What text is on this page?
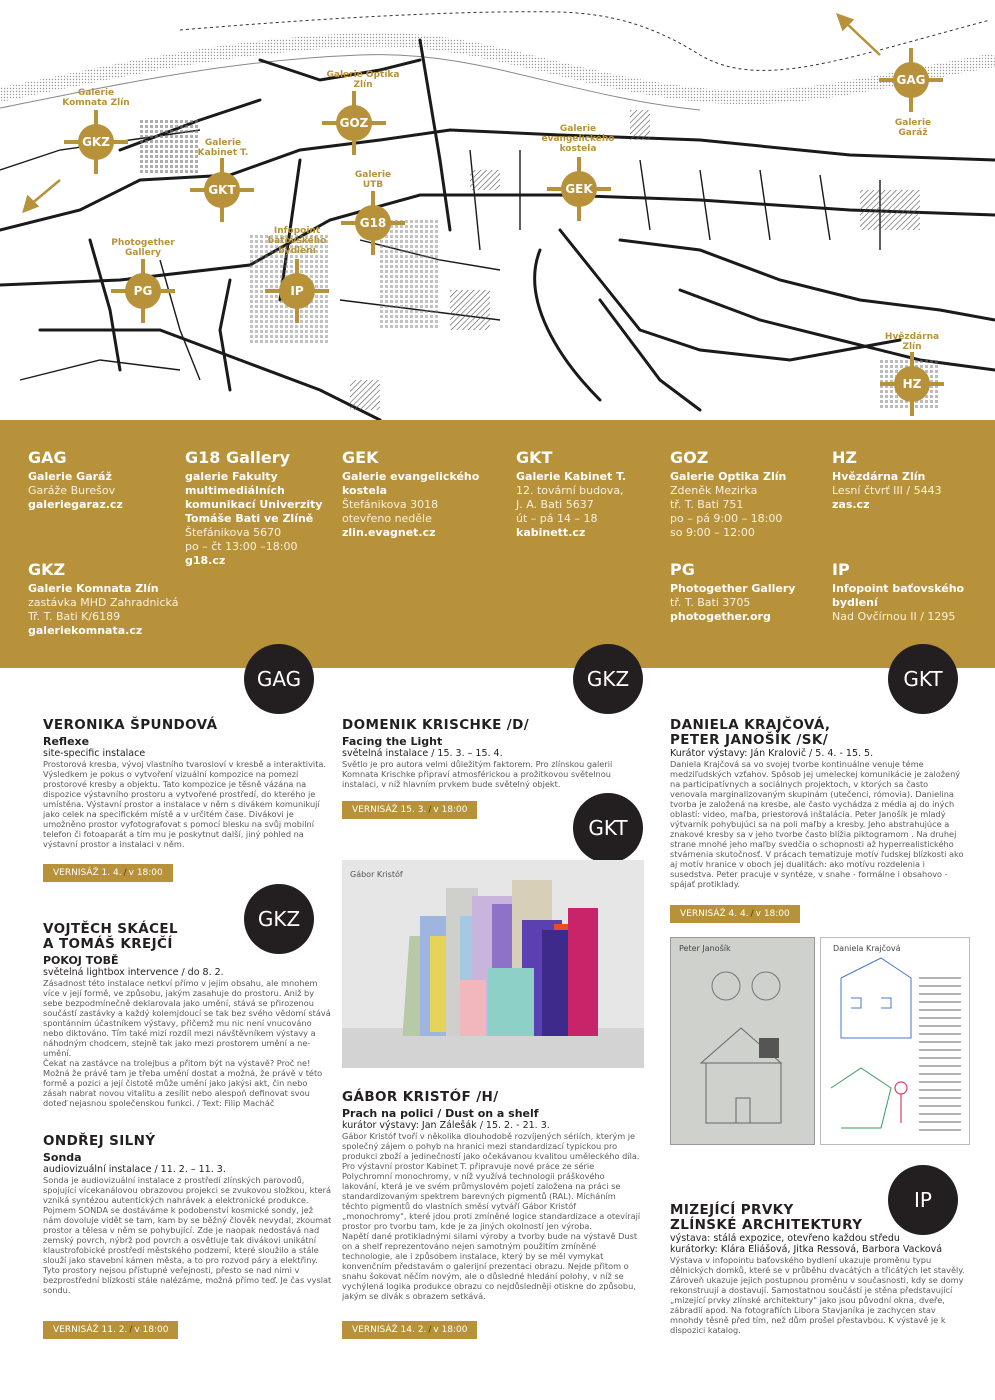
Galerie
Garáž
GAG
Galerie
Komnata Zlín
GKZ
Galerie Optika
Zlín
GOZ
Galerie
Kabinet T.
GKT
Galerie
UTB
G18
Galerie
evangelického
kostela
GEK
Photogether
Gallery
PG
Infopoint
baťovského
bydlení
IP
Hvězdárna
Zlín
HZ
GAG
Galerie Garáž
Garáže Burešov
galeriegaraz.cz
G18 Gallery
galerie Fakulty multimediálních komunikací Univerzity Tomáše Bati ve Zlíně
Štefánikova 5670
po – čt 13:00 –18:00
g18.cz
GEK
Galerie evangelického kostela
Štefánikova 3018
otevřeno neděle
zlin.evagnet.cz
GKT
Galerie Kabinet T.
12. tovární budova,
J. A. Bati 5637
út – pá 14 – 18
kabinett.cz
GOZ
Galerie Optika Zlín
Zdeněk Mezirka
tř. T. Bati 751
po – pá 9:00 – 18:00
so 9:00 – 12:00
HZ
Hvězdárna Zlín
Lesní čtvrť III / 5443
zas.cz
GKZ
Galerie Komnata Zlín
zastávka MHD Zahradnická
Tř. T. Bati K/6189
galeriekomnata.cz
PG
Photogether Gallery
tř. T. Bati 3705
photogether.org
IP
Infopoint baťovského bydlení
Nad Ovčírnou II / 1295
GAG	GKZ	GKT
GKT
GKZ
IP
VERONIKA ŠPUNDOVÁ
Reflexe
site-specific instalace

Prostorová kresba, vývoj vlastního tvarosloví v kresbě a interaktivita. Výsledkem je pokus o vytvoření vizuální kompozice na pomezí prostorové kresby a objektu. Tato kompozice je těsně vázána na dispozice výstavního prostoru a vytvořené prostředí, do kterého je umístěna. Výstavní prostor a instalace v něm s divákem komunikují jako celek na specifickém místě a v určitém čase. Divákovi je umožněno prostor vyfotografovat s pomocí blesku na svůj mobilní telefon či fotoaparát a tím mu je poskytnut další, jiný pohled na výstavní prostor a instalaci v něm.

VERNISÁŽ 1. 4. / v 18:00
VOJTĚCH SKÁCEL
A TOMÁŠ KREJČÍ
POKOJ TOBĚ
světelná lightbox intervence / do 8. 2.

Zásadnost této instalace netkví přímo v jejím obsahu, ale mnohem více v její formě, ve způsobu, jakým zasahuje do prostoru. Aniž by sebe bezpodmínečně deklarovala jako umění, stává se přirozenou součástí zastávky a každý kolemjdoucí se tak bez svého vědomí stává spontánním účastníkem výstavy, přičemž mu nic není vnucováno nebo diktováno. Tím také mizí rozdíl mezi návštěvníkem výstavy a náhodným chodcem, stejně tak jako mezi prostorem umění a ne-umění.
Čekat na zastávce na trolejbus a přitom být na výstavě? Proč ne! Možná že právě tam je třeba umění dostat a možná, že právě v této formě a pozici a její čistotě může umění jako jakýsi akt, čin nebo zásah nabrat novou vitalitu a zesílit nebo alespoň definovat svou doteď nejasnou společenskou funkci. / Text: Filip Macháč

ONDŘEJ SILNÝ
Sonda
audiovizuální instalace / 11. 2. – 11. 3.

Sonda je audiovizuální instalace z prostředí zlínských parovodů, spojující vícekanálovou obrazovou projekci se zvukovou složkou, která vzniká syntézou autentických nahrávek a elektronické produkce. Pojmem SONDA se dostáváme k podobenství kosmické sondy, jež nám dovoluje vidět se tam, kam by se běžný člověk nevydal, zkoumat prostor a tělesa v něm se pohybující. Zde je naopak nedostává nad zemský povrch, nýbrž pod povrch a osvětluje tak divákovi unikátní klaustrofobické prostředí městského podzemí, které sloužilo a stále slouží jako stavební kámen města, a to pro rozvod páry a elektřiny. Tyto prostory nejsou přístupné veřejnosti, přesto se nad nimi v bezprostřední blízkosti stále nalézáme, možná přímo teď. Je čas vyslat sondu.

VERNISÁŽ 11. 2. / v 18:00
DOMENIK KRISCHKE /D/
Facing the Light
světelná instalace / 15. 3. – 15. 4.

Světlo je pro autora velmi důležitým faktorem. Pro zlínskou galerii Komnata Krischke připraví atmosférickou a prožitkovou světelnou instalaci, v níž hlavním prvkem bude světelný objekt.

VERNISÁŽ 15. 3. / v 18:00
Gábor Kristóf
GÁBOR KRISTÓF /H/
Prach na polici / Dust on a shelf
kurátor výstavy: Jan Zálešák / 15. 2. - 21. 3.

Gábor Kristóf tvoří v několika dlouhodobě rozvíjených sériích, kterým je společný zájem o pohyb na hranici mezi standardizací typickou pro produkci zboží a jedinečností jako očekávanou kvalitou uměleckého díla. Pro výstavní prostor Kabinet T. připravuje nové práce ze série Polychromní monochromy, v níž využívá technologii práškového lakování, která je ve svém průmyslovém pojetí založena na práci se standardizovaným spektrem barevných pigmentů (RAL). Mícháním těchto pigmentů do vlastních směsí vytváří Gábor Kristóf „monochromy", které jdou proti zmíněné logice standardizace a otevírají prostor pro tvorbu tam, kde je za jiných okolností jen výroba.
Napětí dané protikladnými silami výroby a tvorby bude na výstavě Dust on a shelf reprezentováno nejen samotným použitím zmíněné technologie, ale i způsobem instalace, který by se měl vymykat konvenčním představám o galerijní prezentaci obrazu. Nejde přitom o snahu šokovat něčím novým, ale o důsledné hledání polohy, v níž se vychýlená logika produkce obrazu co nejdůsledněji otiskne do způsobu, jakým se divák s obrazem setkává.

VERNISÁŽ 14. 2. / v 18:00
DANIELA KRAJČOVÁ,
PETER JANOŠÍK /SK/
Kurátor výstavy: Ján Kralovič / 5. 4. - 15. 5.

Daniela Krajčová sa vo svojej tvorbe kontinuálne venuje téme medziľudských vzťahov. Spôsob jej umeleckej komunikácie je založený na participatívnych a sociálnych projektoch, v ktorých sa často venovala marginalizovaným skupinám (utečenci, rómovia). Danielina tvorba je založená na kresbe, ale často vychádza z média aj do iných oblastí: video, maľba, priestorová inštalácia. Peter Janošík je mladý výtvarník pohybujúci sa na poli maľby a kresby. Jeho abstrahujúce a znakové kresby sa v jeho tvorbe často blížia piktogramom . Na druhej strane mnohé jeho maľby svedčia o schopnosti až hyperrealistického stvárnenia skutočnosť. V prácach tematizuje motív ľudskej blízkosti ako aj motív hranice v oboch jej dualitách: ako motívu rozdelenia i susedstva. Peter pracuje v syntéze, v snahe - formálne i obsahovo - spájať protiklady.

VERNISÁŽ 4. 4. / v 18:00
Peter Janošík	Daniela Krajčová
MIZEJÍCÍ PRVKY
ZLÍNSKÉ ARCHITEKTURY
výstava: stálá expozice, otevřeno každou středu
kurátorky: Klára Eliášová, Jitka Ressová, Barbora Vacková

Výstava v infopointu baťovského bydlení ukazuje proměnu typu dělnických domků, které se v průběhu dvacátých a třicátých let stavěly. Zároveň ukazuje jejich postupnou proměnu v současnosti, kdy se domy rekonstruují a dostavují. Samostatnou součástí je stěna představující „mizející prvky zlínské architektury" jako jsou původní okna, dveře, zábradlí apod. Na fotografiích Libora Stavjaníka je zachycen stav mnohdy těsně před tím, než dům prošel přestavbou. K výstavě je k dispozici katalog.
